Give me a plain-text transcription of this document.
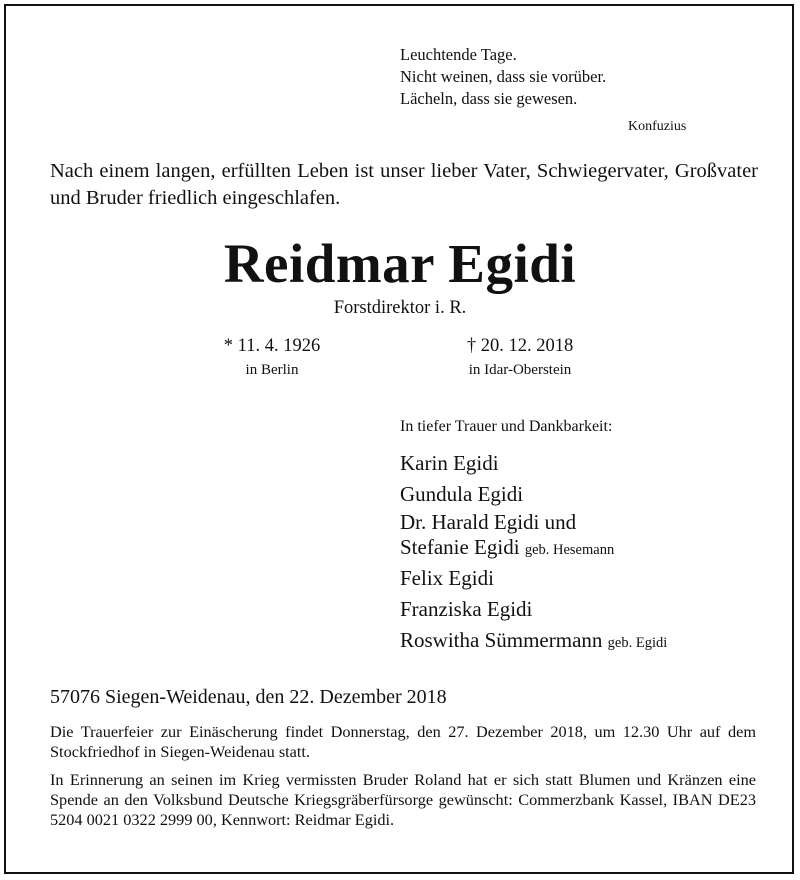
Leuchtende Tage.
Nicht weinen, dass sie vorüber.
Lächeln, dass sie gewesen.
Konfuzius
Nach einem langen, erfüllten Leben ist unser lieber Vater, Schwiegervater, Großvater und Bruder friedlich eingeschlafen.
Reidmar Egidi
Forstdirektor i. R.
* 11. 4. 1926
in Berlin
† 20. 12. 2018
in Idar-Oberstein
In tiefer Trauer und Dankbarkeit:
Karin Egidi
Gundula Egidi
Dr. Harald Egidi und
Stefanie Egidi geb. Hesemann
Felix Egidi
Franziska Egidi
Roswitha Sümmermann geb. Egidi
57076 Siegen-Weidenau, den 22. Dezember 2018
Die Trauerfeier zur Einäscherung findet Donnerstag, den 27. Dezember 2018, um 12.30 Uhr auf dem Stockfriedhof in Siegen-Weidenau statt.
In Erinnerung an seinen im Krieg vermissten Bruder Roland hat er sich statt Blumen und Kränzen eine Spende an den Volksbund Deutsche Kriegsgräberfürsorge gewünscht: Commerzbank Kassel, IBAN DE23 5204 0021 0322 2999 00, Kennwort: Reidmar Egidi.
